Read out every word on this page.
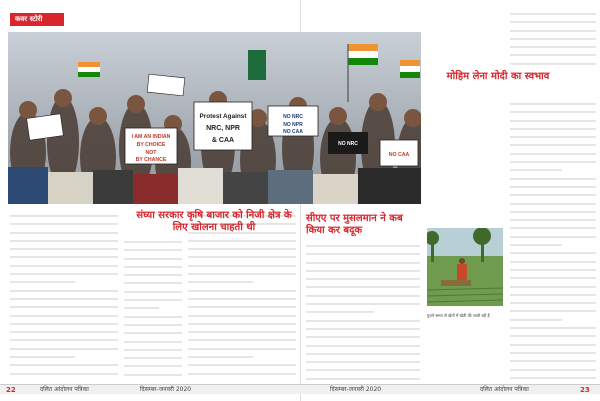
कवर स्टोरी
I AM AN INDIAN
BY CHOICE
NOT
BY CHANCE
Protest Against
NRC, NPR
& CAA
NO NRC
NO NPR
NO CAA
NO NRC
NO CAA
संघ्या सरकार कृषि बाजार को निजी क्षेत्र के लिए खोलना चाहती थी
मोहिम लेना मोदी का स्वभाव
सीएए पर मुसलमान ने कब किया कर बदूक
पुराने समय से खेतों में खेती की जाती रही है
22	दलित आंदोलन पत्रिका	दिसम्बर-जनवरी 2020	दिसम्बर-जनवरी 2020	दलित आंदोलन पत्रिका	23
